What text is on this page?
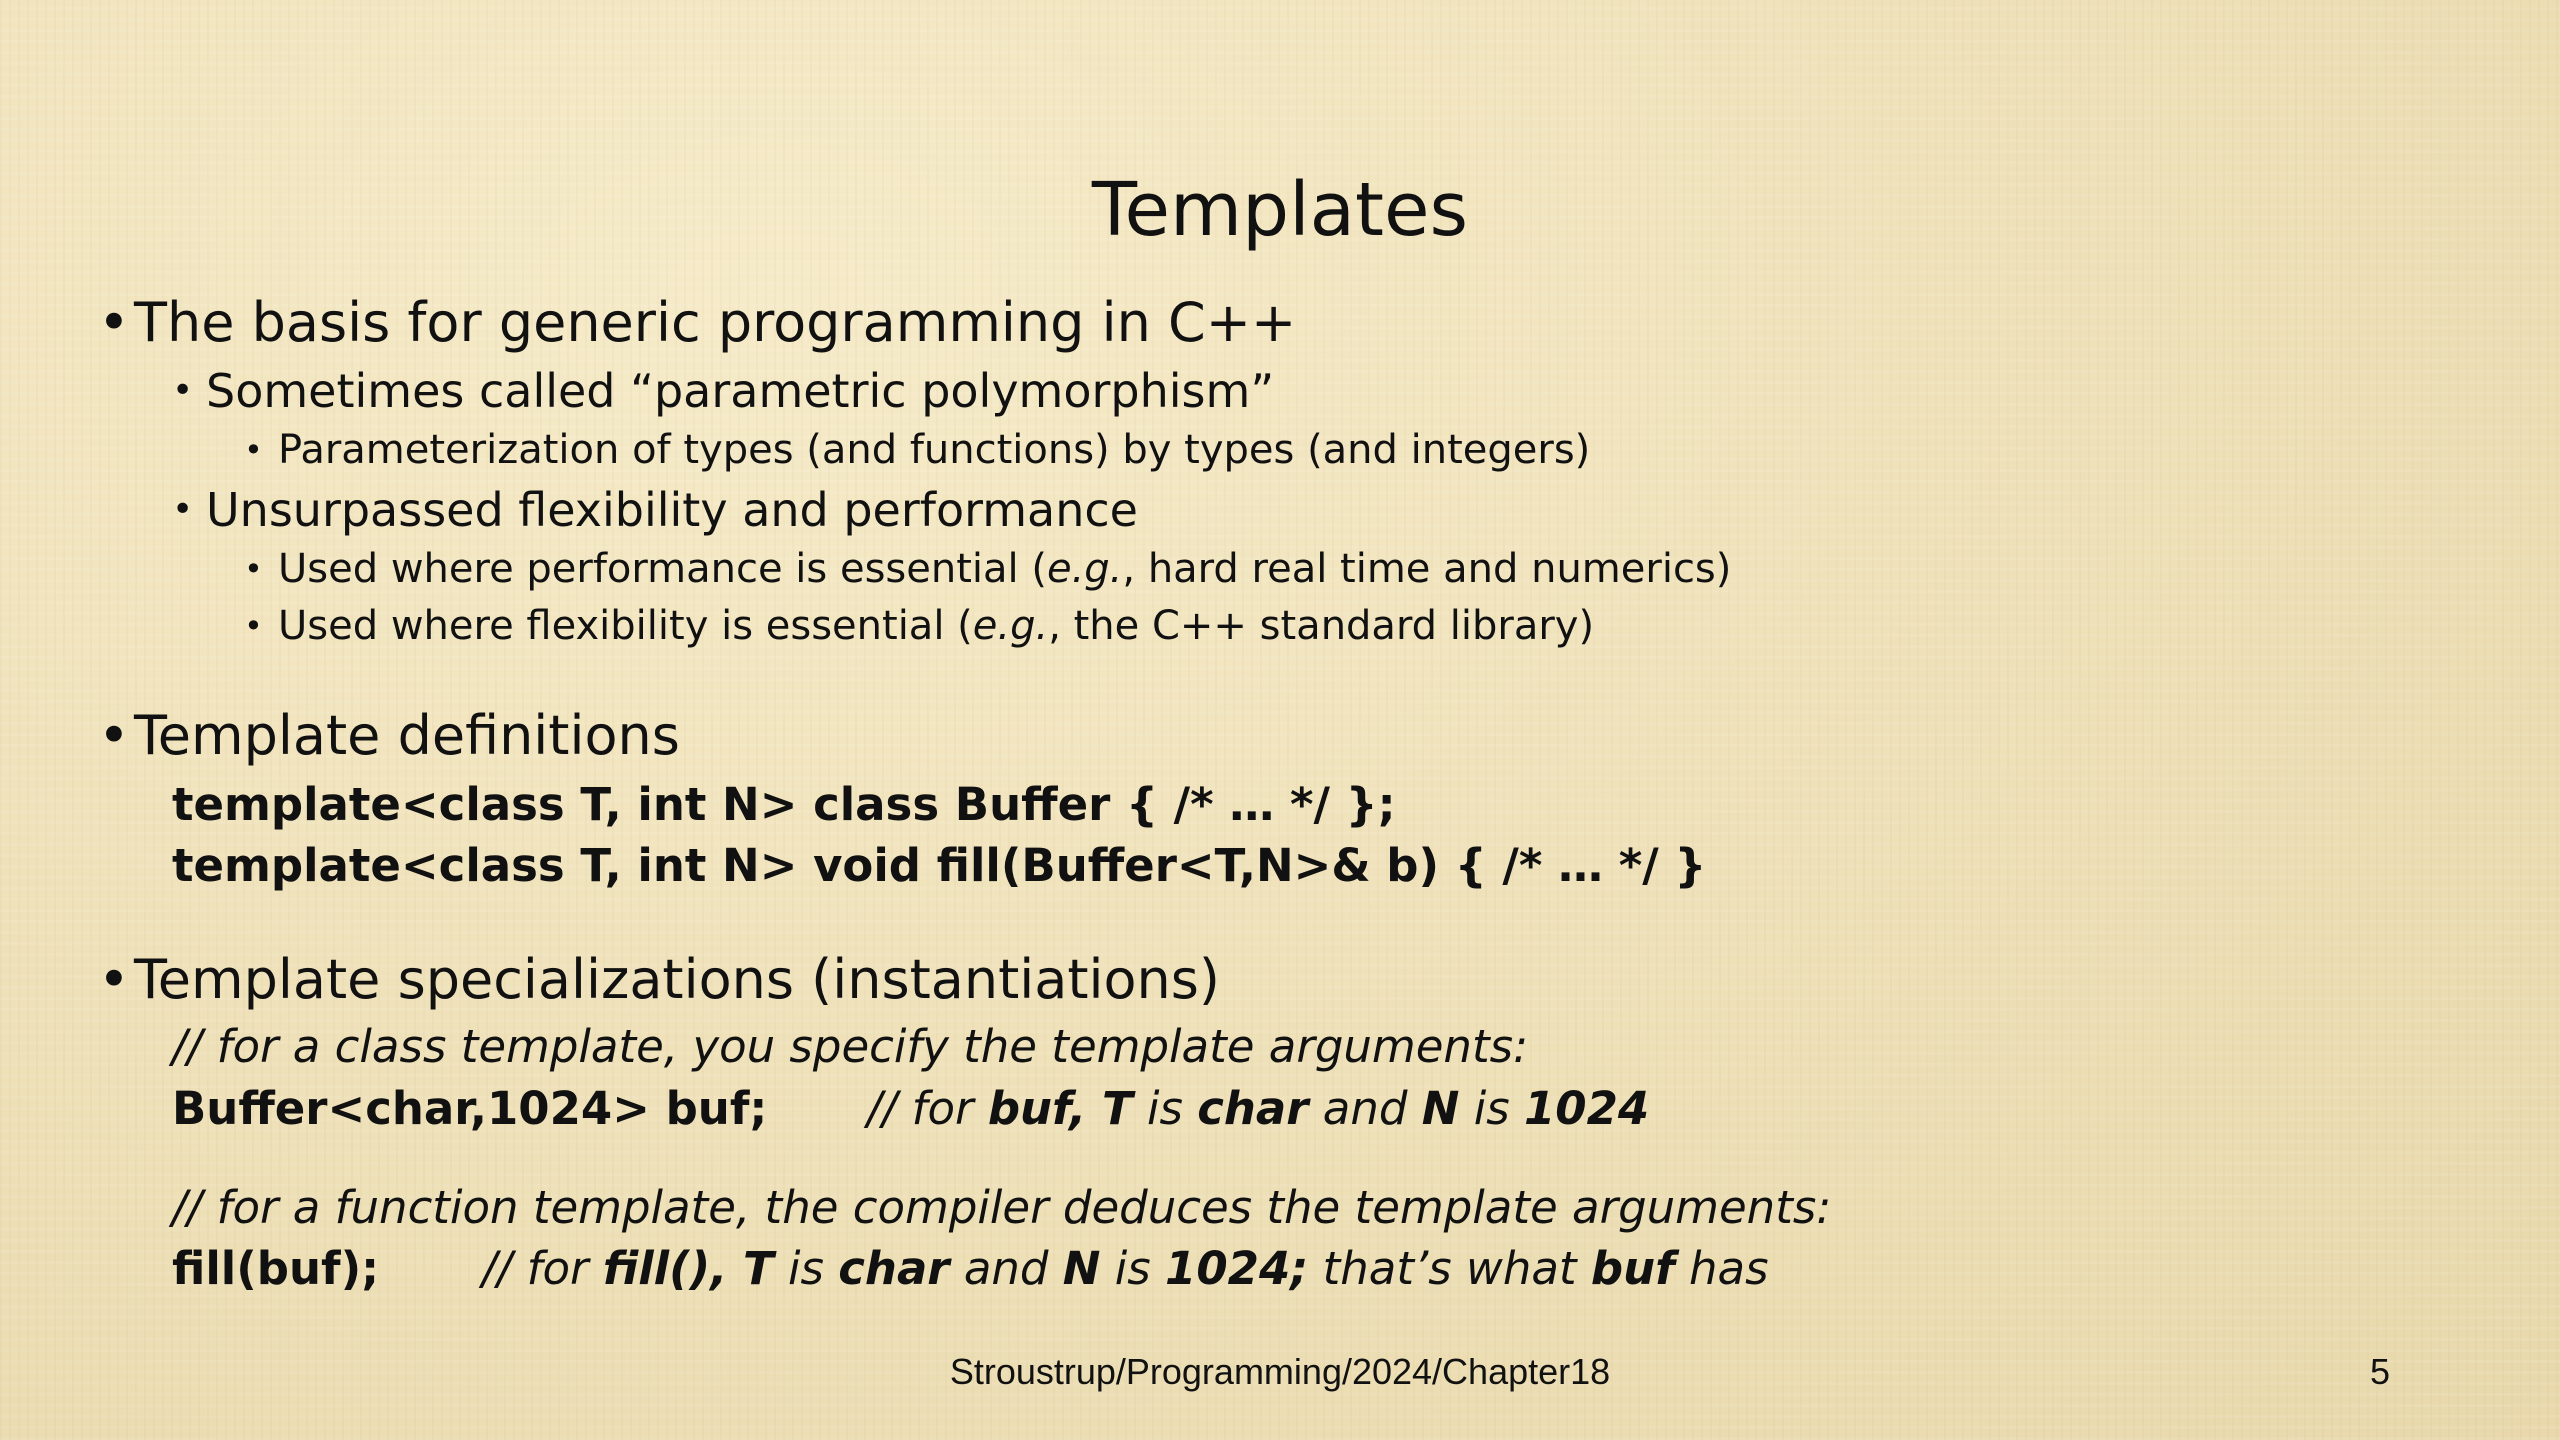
Templates
• The basis for generic programming in C++
• Sometimes called “parametric polymorphism”
• Parameterization of types (and functions) by types (and integers)
• Unsurpassed flexibility and performance
• Used where performance is essential (e.g., hard real time and numerics)
• Used where flexibility is essential (e.g., the C++ standard library)
• Template definitions
template<class T, int N> class Buffer { /* … */ };
template<class T, int N> void fill(Buffer<T,N>& b) { /* … */ }
• Template specializations (instantiations)
// for a class template, you specify the template arguments:
Buffer<char,1024> buf; // for buf, T is char and N is 1024
// for a function template, the compiler deduces the template arguments:
fill(buf); // for fill(), T is char and N is 1024; that’s what buf has
Stroustrup/Programming/2024/Chapter18	5
